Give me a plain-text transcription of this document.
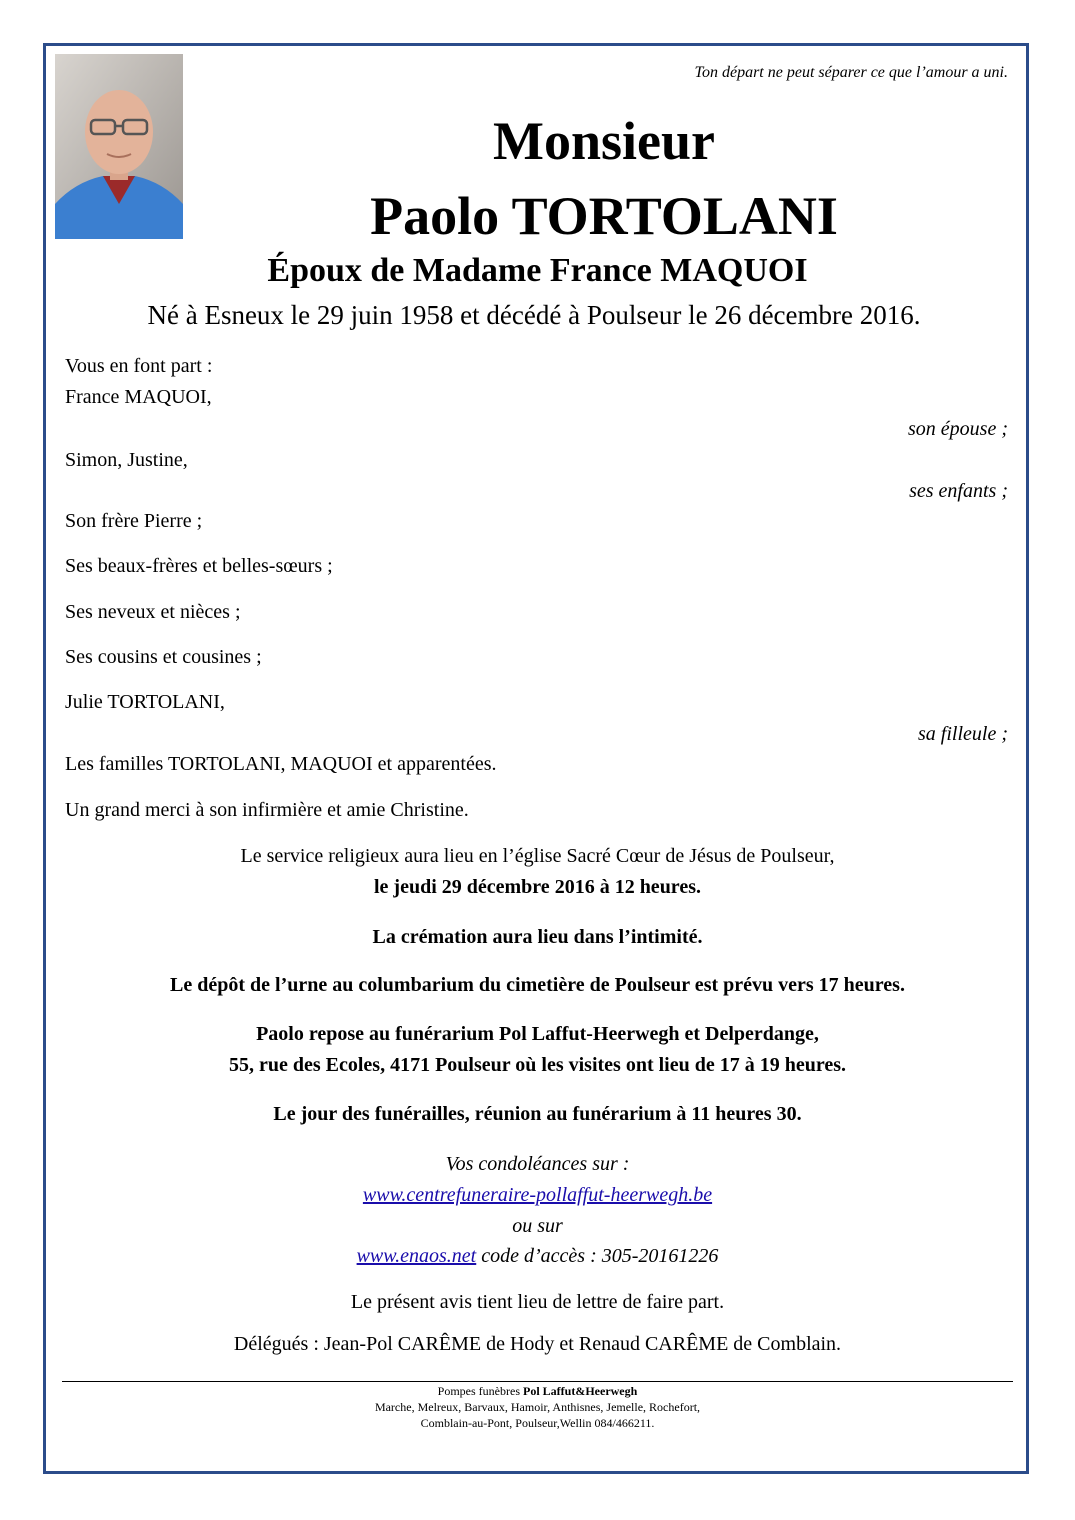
Ton départ ne peut séparer ce que l’amour a uni.
Monsieur
Paolo TORTOLANI
Époux de Madame France MAQUOI
Né à Esneux le 29 juin 1958 et décédé à Poulseur le 26 décembre 2016.
Vous en font part :
France MAQUOI,
son épouse ;
Simon, Justine,
ses enfants ;
Son frère Pierre ;
Ses beaux-frères et belles-sœurs ;
Ses neveux et nièces ;
Ses cousins et cousines ;
Julie TORTOLANI,
sa filleule ;
Les familles TORTOLANI, MAQUOI et apparentées.
Un grand merci à son infirmière et amie Christine.
Le service religieux aura lieu en l’église Sacré Cœur de Jésus de Poulseur,
le jeudi 29 décembre 2016 à 12 heures.
La crémation aura lieu dans l’intimité.
Le dépôt de l’urne au columbarium du cimetière de Poulseur est prévu vers 17 heures.
Paolo repose au funérarium Pol Laffut-Heerwegh et Delperdange,
55, rue des Ecoles, 4171 Poulseur où les visites ont lieu de 17 à 19 heures.
Le jour des funérailles, réunion au funérarium à 11 heures 30.
Vos condoléances sur :
www.centrefuneraire-pollaffut-heerwegh.be
ou sur
www.enaos.net code d’accès : 305-20161226
Le présent avis tient lieu de lettre de faire part.
Délégués : Jean-Pol CARÊME de Hody et Renaud CARÊME de Comblain.
Pompes funèbres Pol Laffut&Heerwegh
Marche, Melreux, Barvaux, Hamoir, Anthisnes, Jemelle, Rochefort,
Comblain-au-Pont, Poulseur,Wellin 084/466211.
